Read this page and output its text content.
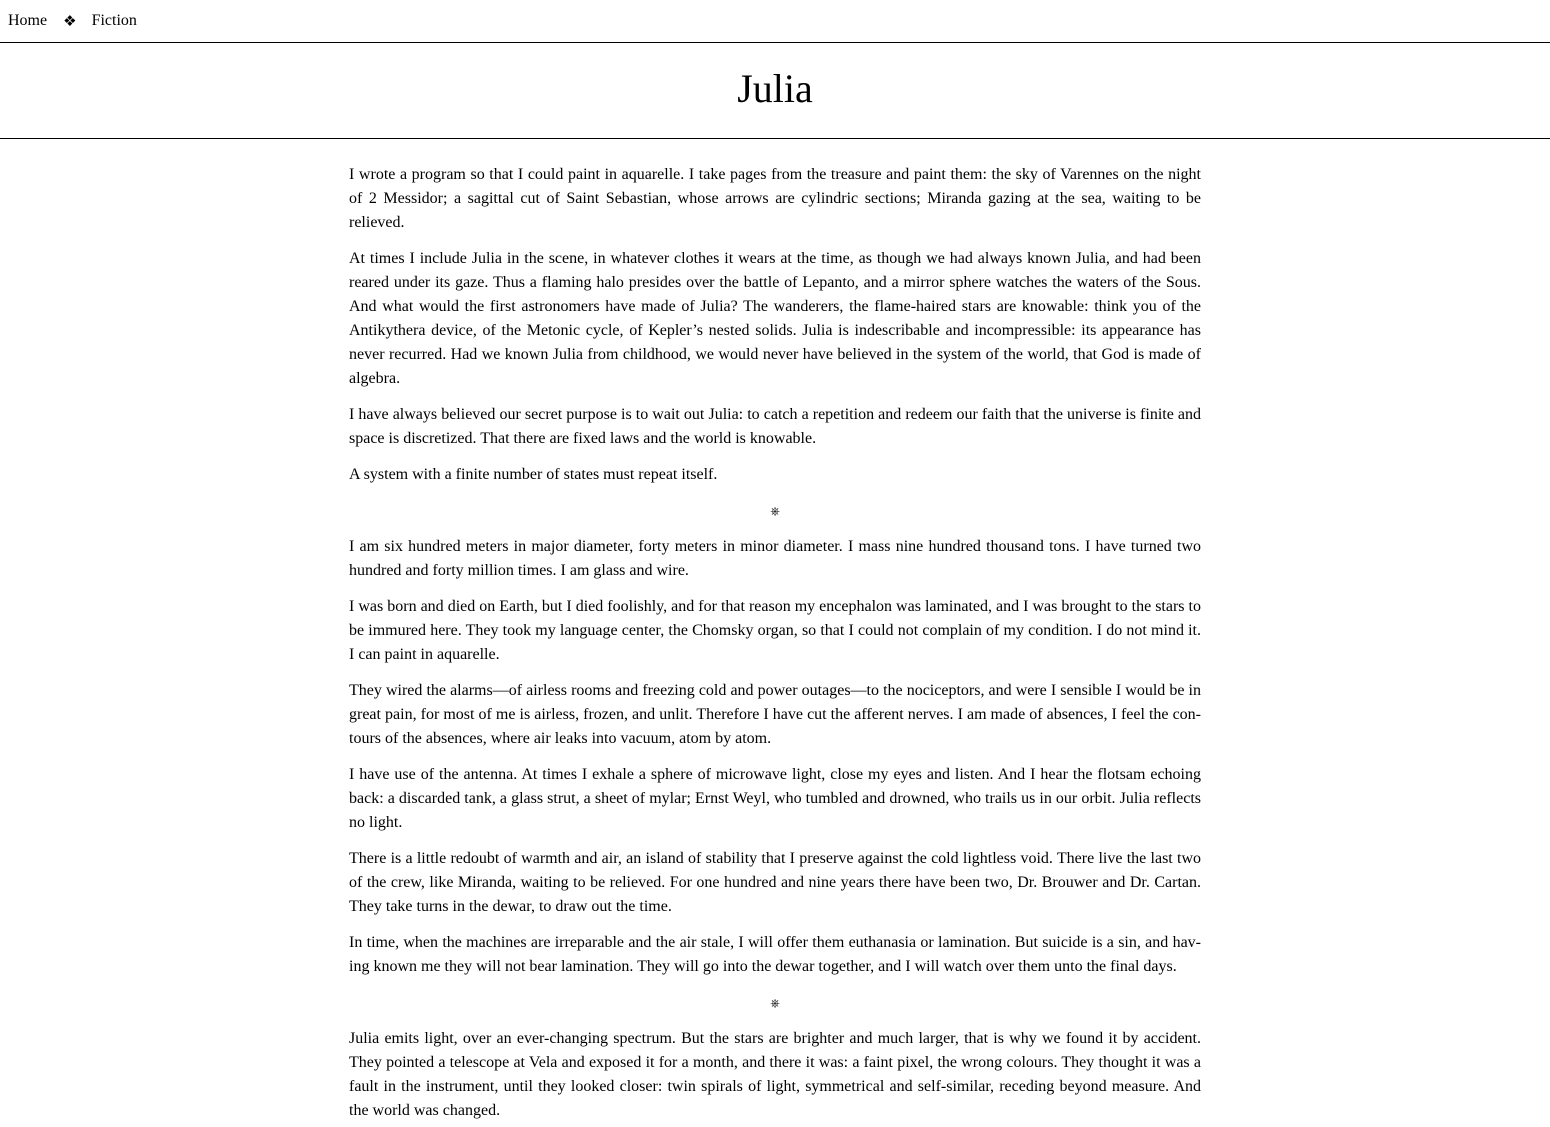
Home ❖ Fiction
Julia

I wrote a program so that I could paint in aquarelle. I take pages from the treasure and paint them: the sky of Varennes on the night of 2 Messidor; a sagittal cut of Saint Sebastian, whose arrows are cylindric sections; Miranda gazing at the sea, waiting to be relieved.

At times I include Julia in the scene, in whatever clothes it wears at the time, as though we had always known Julia, and had been reared under its gaze. Thus a flaming halo presides over the battle of Lepanto, and a mirror sphere watches the waters of the Sous. And what would the first astronomers have made of Julia? The wanderers, the flame-haired stars are knowable: think you of the Antikythera device, of the Metonic cycle, of Kepler’s nested solids. Julia is indescribable and incompressible: its appearance has never recurred. Had we known Julia from childhood, we would never have believed in the system of the world, that God is made of algebra.

I have always believed our secret purpose is to wait out Julia: to catch a repetition and redeem our faith that the universe is finite and space is discretized. That there are fixed laws and the world is knowable.

A system with a finite number of states must repeat itself.

⎈

I am six hundred meters in major diameter, forty meters in minor diameter. I mass nine hundred thousand tons. I have turned two hundred and forty million times. I am glass and wire.

I was born and died on Earth, but I died foolishly, and for that reason my encephalon was laminated, and I was brought to the stars to be immured here. They took my language center, the Chomsky organ, so that I could not complain of my condition. I do not mind it. I can paint in aquarelle.

They wired the alarms—of airless rooms and freezing cold and power outages—to the nociceptors, and were I sensible I would be in great pain, for most of me is airless, frozen, and unlit. Therefore I have cut the afferent nerves. I am made of absences, I feel the contours of the absences, where air leaks into vacuum, atom by atom.

I have use of the antenna. At times I exhale a sphere of microwave light, close my eyes and listen. And I hear the flotsam echoing back: a discarded tank, a glass strut, a sheet of mylar; Ernst Weyl, who tumbled and drowned, who trails us in our orbit. Julia reflects no light.

There is a little redoubt of warmth and air, an island of stability that I preserve against the cold lightless void. There live the last two of the crew, like Miranda, waiting to be relieved. For one hundred and nine years there have been two, Dr. Brouwer and Dr. Cartan. They take turns in the dewar, to draw out the time.

In time, when the machines are irreparable and the air stale, I will offer them euthanasia or lamination. But suicide is a sin, and having known me they will not bear lamination. They will go into the dewar together, and I will watch over them unto the final days.

⎈

Julia emits light, over an ever-changing spectrum. But the stars are brighter and much larger, that is why we found it by accident. They pointed a telescope at Vela and exposed it for a month, and there it was: a faint pixel, the wrong colours. They thought it was a fault in the instrument, until they looked closer: twin spirals of light, symmetrical and self-similar, receding beyond measure. And the world was changed.
